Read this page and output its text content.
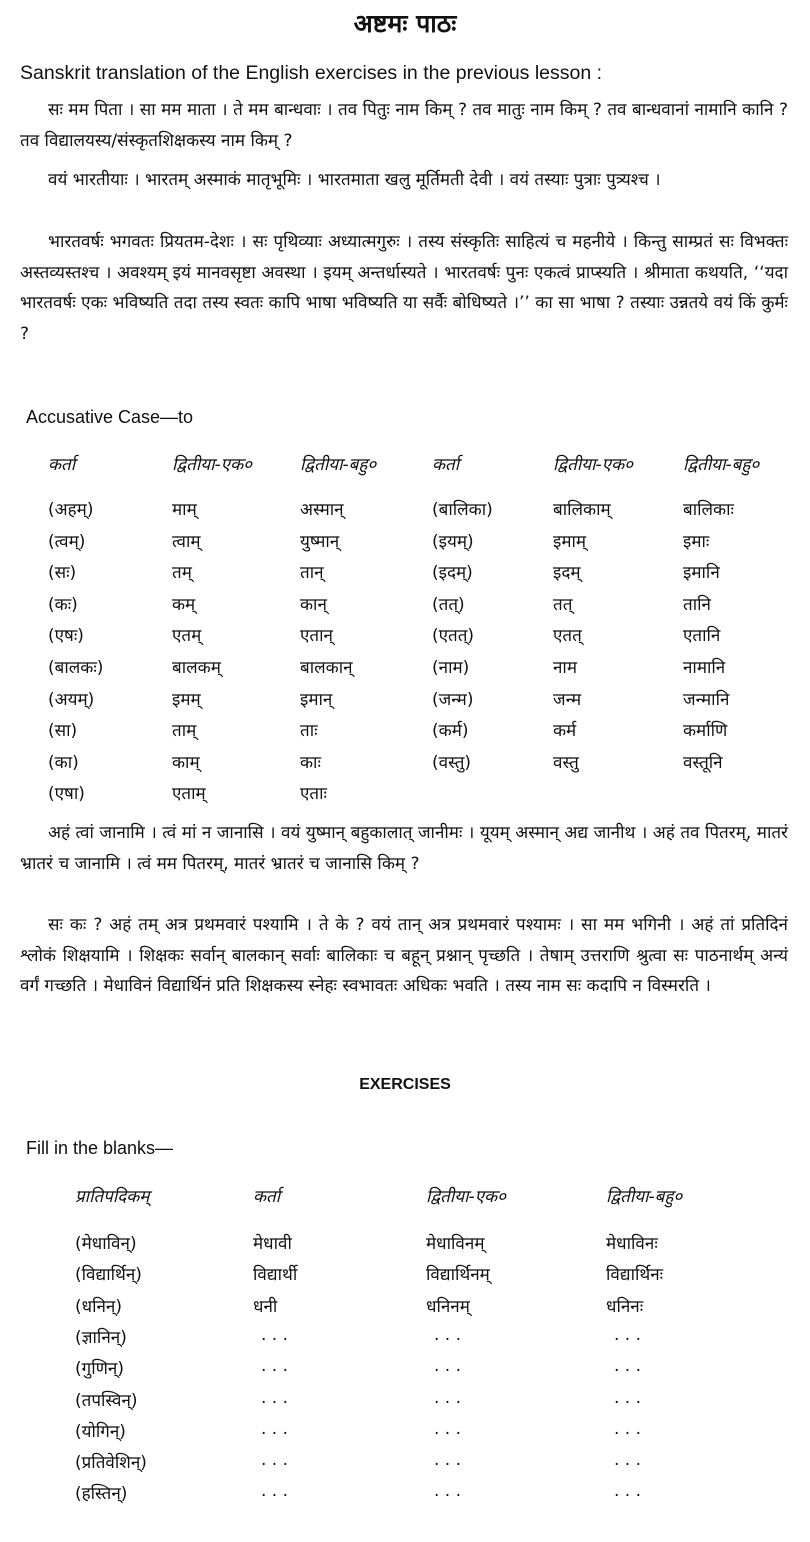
अष्टमः पाठः
Sanskrit translation of the English exercises in the previous lesson :
सः मम पिता । सा मम माता । ते मम बान्धवाः । तव पितुः नाम किम् ? तव मातुः नाम किम् ? तव बान्धवानां नामानि कानि ? तव विद्यालयस्य/संस्कृतशिक्षकस्य नाम किम् ?
वयं भारतीयाः । भारतम् अस्माकं मातृभूमिः । भारतमाता खलु मूर्तिमती देवी । वयं तस्याः पुत्राः पुत्र्यश्च ।
भारतवर्षः भगवतः प्रियतम-देशः । सः पृथिव्याः अध्यात्मगुरुः । तस्य संस्कृतिः साहित्यं च महनीये । किन्तु साम्प्रतं सः विभक्तः अस्तव्यस्तश्च । अवश्यम् इयं मानवसृष्टा अवस्था । इयम् अन्तर्धास्यते । भारतवर्षः पुनः एकत्वं प्राप्स्यति । श्रीमाता कथयति, ‘‘यदा भारतवर्षः एकः भविष्यति तदा तस्य स्वतः कापि भाषा भविष्यति या सर्वैः बोधिष्यते ।’’ का सा भाषा ? तस्याः उन्नतये वयं किं कुर्मः ?
Accusative Case—to
कर्ता	द्वितीया-एक०	द्वितीया-बहु०	कर्ता	द्वितीया-एक०	द्वितीया-बहु०
(अहम्)	माम्	अस्मान्	(बालिका)	बालिकाम्	बालिकाः
(त्वम्)	त्वाम्	युष्मान्	(इयम्)	इमाम्	इमाः
(सः)	तम्	तान्	(इदम्)	इदम्	इमानि
(कः)	कम्	कान्	(तत्)	तत्	तानि
(एषः)	एतम्	एतान्	(एतत्)	एतत्	एतानि
(बालकः)	बालकम्	बालकान्	(नाम)	नाम	नामानि
(अयम्)	इमम्	इमान्	(जन्म)	जन्म	जन्मानि
(सा)	ताम्	ताः	(कर्म)	कर्म	कर्माणि
(का)	काम्	काः	(वस्तु)	वस्तु	वस्तूनि
(एषा)	एताम्	एताः
अहं त्वां जानामि । त्वं मां न जानासि । वयं युष्मान् बहुकालात् जानीमः । यूयम् अस्मान् अद्य जानीथ । अहं तव पितरम्, मातरं भ्रातरं च जानामि । त्वं मम पितरम्, मातरं भ्रातरं च जानासि किम् ?
सः कः ? अहं तम् अत्र प्रथमवारं पश्यामि । ते के ? वयं तान् अत्र प्रथमवारं पश्यामः । सा मम भगिनी । अहं तां प्रतिदिनं श्लोकं शिक्षयामि । शिक्षकः सर्वान् बालकान् सर्वाः बालिकाः च बहून् प्रश्नान् पृच्छति । तेषाम् उत्तराणि श्रुत्वा सः पाठनार्थम् अन्यं वर्गं गच्छति । मेधाविनं विद्यार्थिनं प्रति शिक्षकस्य स्नेहः स्वभावतः अधिकः भवति । तस्य नाम सः कदापि न विस्मरति ।
EXERCISES
Fill in the blanks—
प्रातिपदिकम्	कर्ता	द्वितीया-एक०	द्वितीया-बहु०
(मेधाविन्)	मेधावी	मेधाविनम्	मेधाविनः
(विद्यार्थिन्)	विद्यार्थी	विद्यार्थिनम्	विद्यार्थिनः
(धनिन्)	धनी	धनिनम्	धनिनः
(ज्ञानिन्)	. . .	. . .	. . .
(गुणिन्)	. . .	. . .	. . .
(तपस्विन्)	. . .	. . .	. . .
(योगिन्)	. . .	. . .	. . .
(प्रतिवेशिन्)	. . .	. . .	. . .
(हस्तिन्)	. . .	. . .	. . .
